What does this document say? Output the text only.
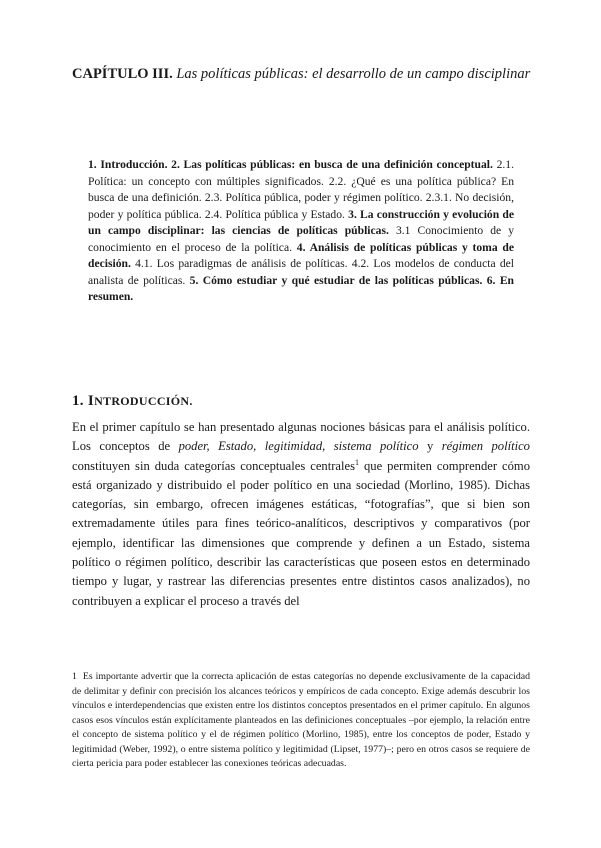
CAPÍTULO III. Las políticas públicas: el desarrollo de un campo disciplinar
1. Introducción. 2. Las políticas públicas: en busca de una definición conceptual. 2.1. Política: un concepto con múltiples significados. 2.2. ¿Qué es una política pública? En busca de una definición. 2.3. Política pública, poder y régimen político. 2.3.1. No decisión, poder y política pública. 2.4. Política pública y Estado. 3. La construcción y evolución de un campo disciplinar: las ciencias de políticas públicas. 3.1 Conocimiento de y conocimiento en el proceso de la política. 4. Análisis de políticas públicas y toma de decisión. 4.1. Los paradigmas de análisis de políticas. 4.2. Los modelos de conducta del analista de políticas. 5. Cómo estudiar y qué estudiar de las políticas públicas. 6. En resumen.
1. INTRODUCCIÓN.
En el primer capítulo se han presentado algunas nociones básicas para el análisis político. Los conceptos de poder, Estado, legitimidad, sistema político y régimen político constituyen sin duda categorías conceptuales centrales$^1$ que permiten comprender cómo está organizado y distribuido el poder político en una sociedad (Morlino, 1985). Dichas categorías, sin embargo, ofrecen imágenes estáticas, “fotografías”, que si bien son extremadamente útiles para fines teórico-analíticos, descriptivos y comparativos (por ejemplo, identificar las dimensiones que comprende y definen a un Estado, sistema político o régimen político, describir las características que poseen estos en determinado tiempo y lugar, y rastrear las diferencias presentes entre distintos casos analizados), no contribuyen a explicar el proceso a través del
1 Es importante advertir que la correcta aplicación de estas categorías no depende exclusivamente de la capacidad de delimitar y definir con precisión los alcances teóricos y empíricos de cada concepto. Exige además descubrir los vínculos e interdependencias que existen entre los distintos conceptos presentados en el primer capítulo. En algunos casos esos vínculos están explícitamente planteados en las definiciones conceptuales –por ejemplo, la relación entre el concepto de sistema político y el de régimen político (Morlino, 1985), entre los conceptos de poder, Estado y legitimidad (Weber, 1992), o entre sistema político y legitimidad (Lipset, 1977)–; pero en otros casos se requiere de cierta pericia para poder establecer las conexiones teóricas adecuadas.
